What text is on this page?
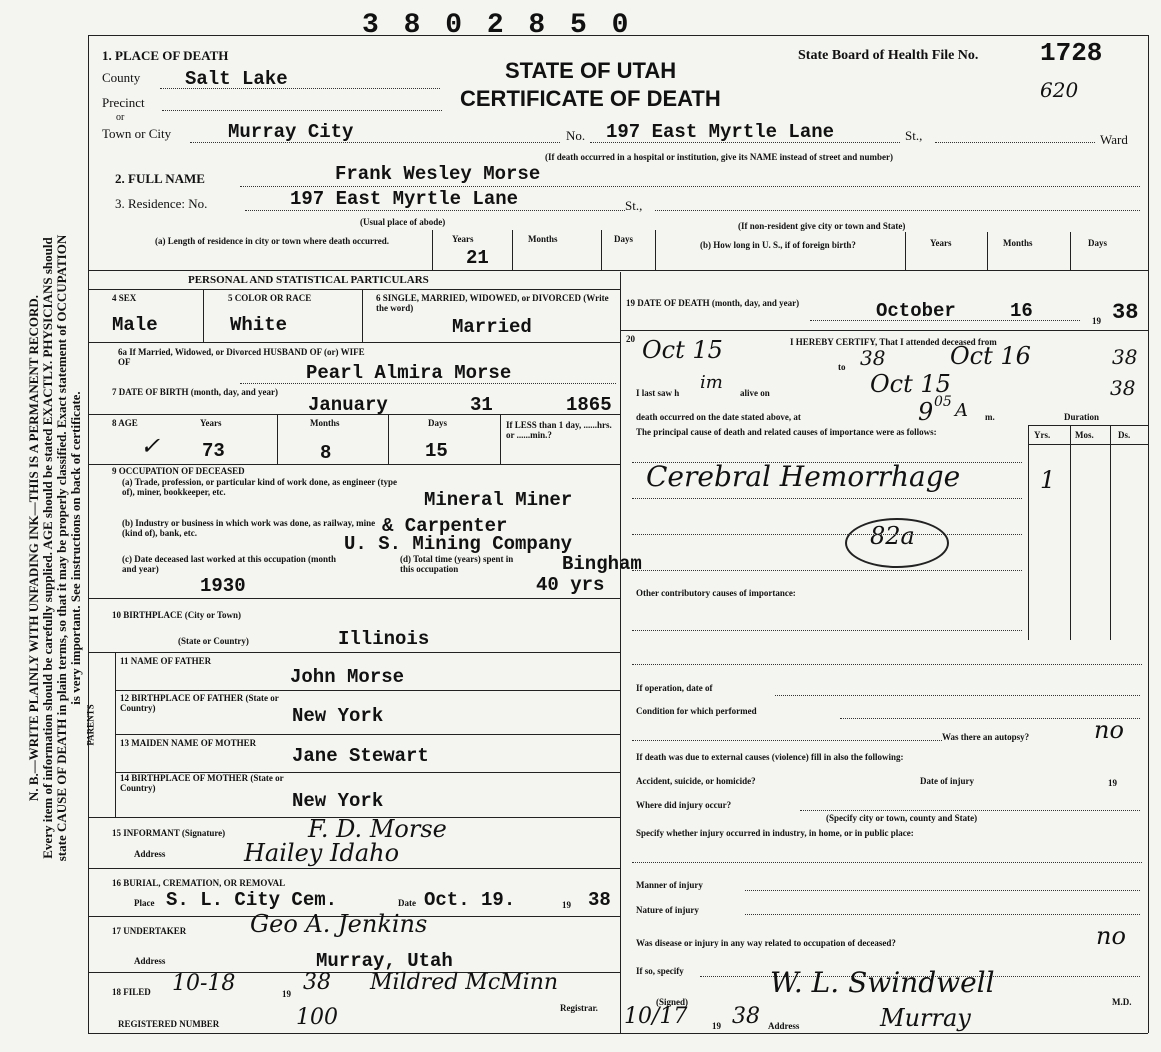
N. B.—WRITE PLAINLY WITH UNFADING INK—THIS IS A PERMANENT RECORD. Every item of information should be carefully supplied. AGE should be stated EXACTLY. PHYSICIANS should state CAUSE OF DEATH in plain terms, so that it may be properly classified. Exact statement of OCCUPATION is very important. See instructions on back of certificate.
3 8 0 2 8 5 0
STATE OF UTAH
CERTIFICATE OF DEATH
State Board of Health File No. 1728
620
1. PLACE OF DEATH
County Salt Lake
Precinct
or
Town or City	Murray City	No. 197 East Myrtle Lane	St.,	Ward
(If death occurred in a hospital or institution, give its NAME instead of street and number)
2. FULL NAME	Frank Wesley Morse
3. Residence: No.	197 East Myrtle Lane	St.,
(Usual place of abode)	(If non-resident give city or town and State)
(a) Length of residence in city or town where death occurred.	Years	Months	Days
21
(b) How long in U. S., if of foreign birth?	Years	Months	Days
PERSONAL AND STATISTICAL PARTICULARS
4 SEX	5 COLOR OR RACE	6 SINGLE, MARRIED, WIDOWED, or DIVORCED (Write the word)
Male	White	Married
6a If Married, Widowed, or Divorced HUSBAND OF (or) WIFE OF	Pearl Almira Morse
7 DATE OF BIRTH (month, day, and year)
January	31	1865
8 AGE	Years	Months	Days	If LESS than 1 day, ......hrs. or ......min.?
✓ 73	8	15
9 OCCUPATION OF DECEASED
(a) Trade, profession, or particular kind of work done, as engineer (type of), miner, bookkeeper, etc.	Mineral Miner
& Carpenter
(b) Industry or business in which work was done, as railway, mine (kind of), bank, etc.	U. S. Mining Company
Bingham
(c) Date deceased last worked at this occupation (month and year)
1930
(d) Total time (years) spent in this occupation
40 yrs
10 BIRTHPLACE (City or Town)
(State or Country)	Illinois
PARENTS
11 NAME OF FATHER
John Morse
12 BIRTHPLACE OF FATHER (State or Country)	New York
13 MAIDEN NAME OF MOTHER
Jane Stewart
14 BIRTHPLACE OF MOTHER (State or Country)
New York
15 INFORMANT (Signature)	F. D. Morse
Address	Hailey Idaho
16 BURIAL, CREMATION, OR REMOVAL
Place S. L. City Cem.	Date Oct. 19.	19 38
17 UNDERTAKER	Geo A. Jenkins
Address	Murray, Utah
18 FILED 10-18	19 38 Mildred McMinn
Registrar.
REGISTERED NUMBER	100
19 DATE OF DEATH (month, day, and year)	October	16	19 38
20	I HEREBY CERTIFY, That I attended deceased from
Oct 15
to 38	Oct 16	38
I last saw h im alive on	Oct 15	38
death occurred on the date stated above, at	9 05 A m.	Duration
The principal cause of death and related causes of importance were as follows:	Yrs.	Mos.	Ds.
Cerebral Hemorrhage	1
82a
Other contributory causes of importance:
If operation, date of
Condition for which performed
Was there an autopsy?	no
If death was due to external causes (violence) fill in also the following:
Accident, suicide, or homicide?	Date of injury	19
Where did injury occur?
(Specify city or town, county and State)
Specify whether injury occurred in industry, in home, or in public place:
Manner of injury
Nature of injury
Was disease or injury in any way related to occupation of deceased?	no
If so, specify
(Signed)
W. L. Swindwell
M.D.
10/17	19 38 Address	Murray
